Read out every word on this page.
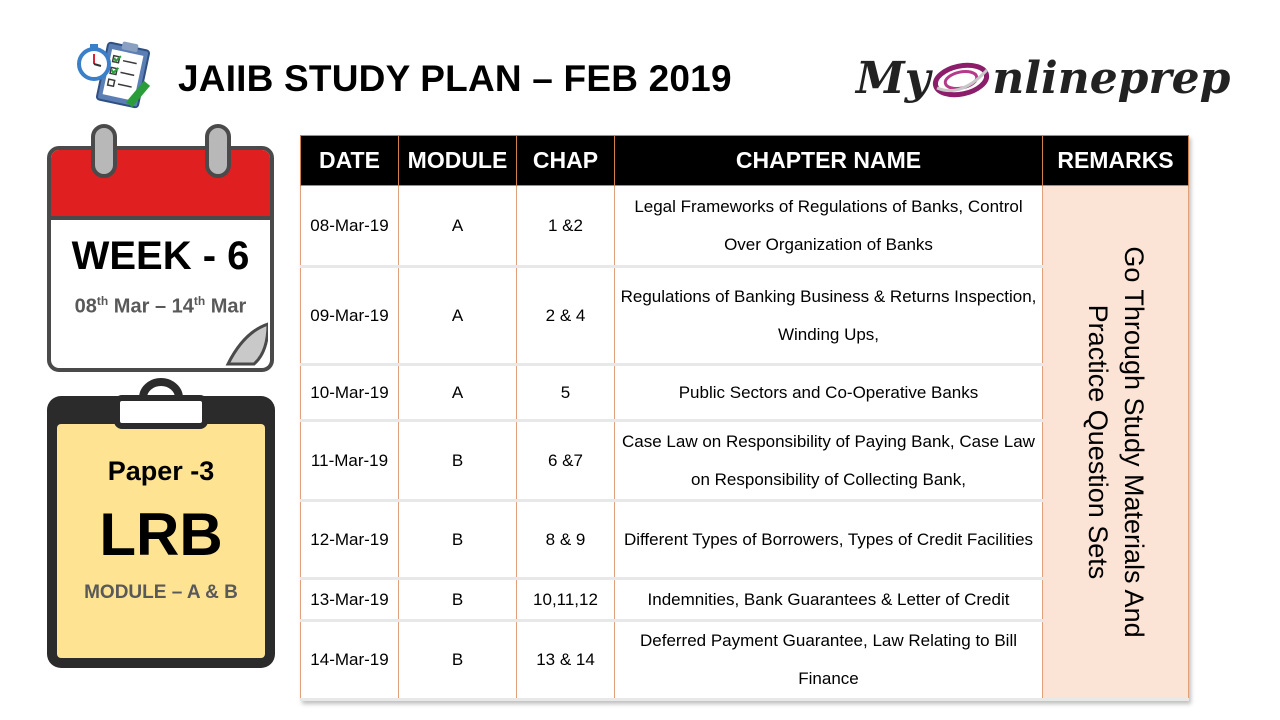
JAIIB STUDY PLAN – FEB 2019	My nlineprep
WEEK - 6
08th Mar – 14th Mar
Paper -3
LRB
MODULE – A & B
DATE	MODULE	CHAP	CHAPTER NAME	REMARKS
08-Mar-19	A	1 &2	Legal Frameworks of Regulations of Banks, Control Over Organization of Banks	Go Through Study Materials And Practice Question Sets

09-Mar-19	A	2 & 4	Regulations of Banking Business & Returns Inspection, Winding Ups,	
10-Mar-19	A	5	Public Sectors and Co-Operative Banks	
11-Mar-19	B	6 &7	Case Law on Responsibility of Paying Bank, Case Law on Responsibility of Collecting Bank,	
12-Mar-19	B	8 & 9	Different Types of Borrowers, Types of Credit Facilities	
13-Mar-19	B	10,11,12	Indemnities, Bank Guarantees & Letter of Credit	
14-Mar-19	B	13 & 14	Deferred Payment Guarantee, Law Relating to Bill Finance	
